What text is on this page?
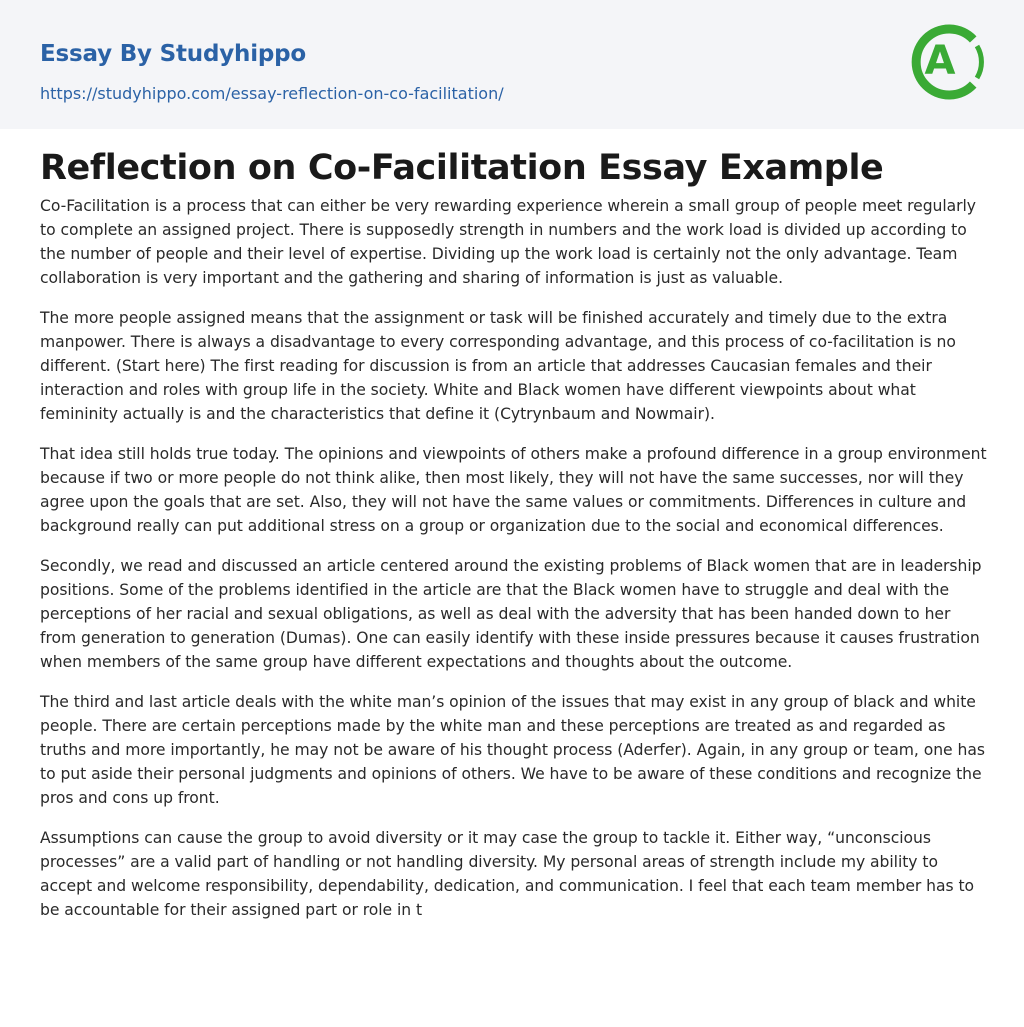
Essay By Studyhippo
https://studyhippo.com/essay-reflection-on-co-facilitation/
A
Reflection on Co-Facilitation Essay Example

Co-Facilitation is a process that can either be very rewarding experience wherein a small group of people meet regularly to complete an assigned project. There is supposedly strength in numbers and the work load is divided up according to the number of people and their level of expertise. Dividing up the work load is certainly not the only advantage. Team collaboration is very important and the gathering and sharing of information is just as valuable.

The more people assigned means that the assignment or task will be finished accurately and timely due to the extra manpower. There is always a disadvantage to every corresponding advantage, and this process of co-facilitation is no different. (Start here) The first reading for discussion is from an article that addresses Caucasian females and their interaction and roles with group life in the society. White and Black women have different viewpoints about what femininity actually is and the characteristics that define it (Cytrynbaum and Nowmair).

That idea still holds true today. The opinions and viewpoints of others make a profound difference in a group environment because if two or more people do not think alike, then most likely, they will not have the same successes, nor will they agree upon the goals that are set. Also, they will not have the same values or commitments. Differences in culture and background really can put additional stress on a group or organization due to the social and economical differences.

Secondly, we read and discussed an article centered around the existing problems of Black women that are in leadership positions. Some of the problems identified in the article are that the Black women have to struggle and deal with the perceptions of her racial and sexual obligations, as well as deal with the adversity that has been handed down to her from generation to generation (Dumas). One can easily identify with these inside pressures because it causes frustration when members of the same group have different expectations and thoughts about the outcome.

The third and last article deals with the white man’s opinion of the issues that may exist in any group of black and white people. There are certain perceptions made by the white man and these perceptions are treated as and regarded as truths and more importantly, he may not be aware of his thought process (Aderfer). Again, in any group or team, one has to put aside their personal judgments and opinions of others. We have to be aware of these conditions and recognize the pros and cons up front.

Assumptions can cause the group to avoid diversity or it may case the group to tackle it. Either way, “unconscious processes” are a valid part of handling or not handling diversity. My personal areas of strength include my ability to accept and welcome responsibility, dependability, dedication, and communication. I feel that each team member has to be accountable for their assigned part or role in t
